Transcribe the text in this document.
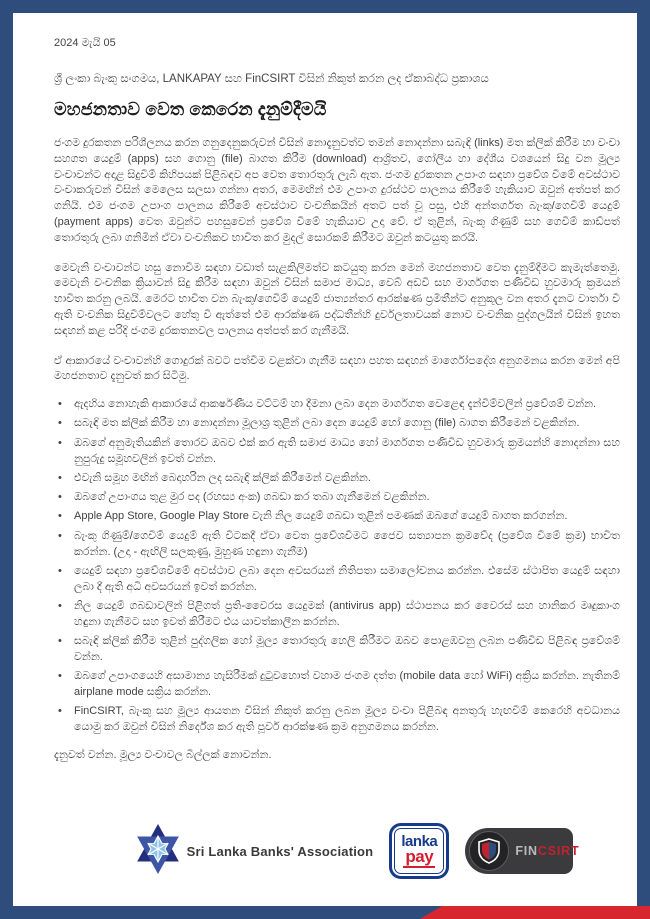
2024 මැයි 05
ශ්‍රී ලංකා බැංකු සංගමය, LANKAPAY සහ FinCSIRT විසින් නිකුත් කරන ලද ඒකාබද්ධ ප්‍රකාශය
මහජනතාව වෙත කෙරෙන දැනුම්දීමයි

ජංගම දුරකතන පරිශීලනය කරන ගනුදෙනුකරුවන් විසින් නොදැනුවත්ව තමන් නොදන්නා සබැඳි (links) මත ක්ලික් කිරීම හා වංචා සහගත යෙදුම් (apps) සහ ගොනු (file) බාගත කිරීම (download) ආශ්‍රිතව, ගෝලීය හා දේශීය වශයෙන් සිදු වන මූල්‍ය වංචාවන්ට අදාළ සිදුවීම් කිහිපයක් පිළිබඳව අප වෙත තොරතුරු ලැබී ඇත. ජංගම දුරකතන උපාංග සඳහා ප්‍රවේශ වීමේ අවස්ථාව වංචාකරුවන් විසින් මෙලෙස සලසා ගන්නා අතර, මෙමඟින් එම උපාංග දුරස්ථව පාලනය කිරීමේ හැකියාව ඔවුන් අත්පත් කර ගනියි. එම ජංගම උපාංග පාලනය කිරීමේ අවස්ථාව වංචනිකයින් අතට පත් වූ පසු, එහි අන්තර්ගත බැංකු/ගෙවීම් යෙදුම් (payment apps) වෙත ඔවුන්ට පහසුවෙන් ප්‍රවේශ වීමේ හැකියාව උදා වේ. ඒ තුළින්, බැංකු ගිණුම් සහ ගෙවීම් කාඩ්පත් තොරතුරු ලබා ගනිමින් ඒවා වංචනිකව භාවිත කර මුදල් සොරකම් කිරීමට ඔවුන් කටයුතු කරයි.

මෙවැනි වංචාවන්ට හසු නොවීම සඳහා වඩාත් සැළකිලිමත්ව කටයුතු කරන මෙන් මහජනතාව වෙත දැනුම්දීමට කැමැත්තෙමු. මෙවැනි වංචනික ක්‍රියාවන් සිදු කිරීම සඳහා ඔවුන් විසින් සමාජ මාධ්‍ය, වෙබ් අඩවි සහ මාර්ගගත පණිවිඩ හුවමාරු ක්‍රමයන් භාවිත කරනු ලබයි. මෙරට භාවිත වන බැංකු/ගෙවීම් යෙදුම් ජාත්‍යන්තර ආරක්ෂණ ප්‍රමිතීන්ට අනුකූල වන අතර දැනට වාර්තා වී ඇති වංචනික සිදුවීම්වලට හේතු වී ඇත්තේ එම ආරක්ෂණ පද්ධතීන්හි දුර්වලතාවයක් නොව වංචනික පුද්ගලයින් විසින් ඉහත සඳහන් කළ පරිදි ජංගම දුරකතනවල පාලනය අත්පත් කර ගැනීමයි.

ඒ ආකාරයේ වංචාවන්හි ගොදුරක් බවට පත්වීම වළක්වා ගැනීම සඳහා පහත සඳහන් මාර්ගෝපදේශ අනුගමනය කරන මෙන් අපි මහජනතාව දැනුවත් කර සිටිමු.

• ඇදහිය නොහැකි ආකාරයේ ආකර්ෂණීය වට්ටම් හා දීමනා ලබා දෙන මාර්ගගත වෙළෙඳ දැන්වීම්වලින් ප්‍රවේශම් වන්න.
• සබැඳි මත ක්ලික් කිරීම හා නොදන්නා මූලාශ්‍ර තුළින් ලබා දෙන යෙදුම් හෝ ගොනු (file) බාගත කිරීමෙන් වළකින්න.
• ඔබගේ අනුමැතියකින් තොරව ඔබව එක් කර ඇති සමාජ මාධ්‍ය හෝ මාර්ගගත පණිවිඩ හුවමාරු ක්‍රමයන්හි නොදන්නා සහ නුපුරුදු සමූහවලින් ඉවත් වන්න.
• එවැනි සමූහ මඟින් බෙදාහරින ලද සබැඳි ක්ලික් කිරීමෙන් වළකින්න.
• ඔබගේ උපාංගය තුළ මුර පද (රහස්‍ය අංක) ගබඩා කර තබා ගැනීමෙන් වළකින්න.
• Apple App Store, Google Play Store වැනි නිල යෙදුම් ගබඩා තුළින් පමණක් ඔබගේ යෙදුම් බාගත කරගන්න.
• බැංකු ගිණුම්/ගෙවීම් යෙදුම් ඇති විටකදී ඒවා වෙත ප්‍රවේශවීමට ජෛව සත්‍යාපන ක්‍රමවේද (ප්‍රවේශ වීමේ ක්‍රම) භාවිත කරන්න. (උදා - ඇඟිලි සලකුණු, මුහුණ හඳුනා ගැනීම)
• යෙදුම් සඳහා ප්‍රවේශවීමේ අවස්ථාව ලබා දෙන අවසරයන් නිතිපතා සමාලෝචනය කරන්න. එසේම ස්ථාපිත යෙදුම් සඳහා ලබා දී ඇති අධි අවසරයන් ඉවත් කරන්න.
• නිල යෙදුම් ගබඩාවලින් පිළිගත් ප්‍රති-වෛරස යෙදුමක් (antivirus app) ස්ථාපනය කර වෛරස් සහ හානිකර මෘදුකාංග හඳුනා ගැනීමට සහ ඉවත් කිරීමට එය යාවත්කාලීන කරන්න.
• සබැඳි ක්ලික් කිරීම තුළින් පුද්ගලික හෝ මූල්‍ය තොරතුරු හෙලි කිරීමට ඔබව පොළඹවනු ලබන පණිවිඩ පිළිබඳ ප්‍රවේශම් වන්න.
• ඔබගේ උපාංගයෙහි අසාමාන්‍ය හැසිරීමක් දුටුවහොත් වහාම ජංගම දත්ත (mobile data හෝ WiFi) අක්‍රිය කරන්න. නැතිනම් airplane mode සක්‍රිය කරන්න.
• FinCSIRT, බැංකු සහ මූල්‍ය ආයතන විසින් නිකුත් කරනු ලබන මූල්‍ය වංචා පිළිබඳ අනතුරු හැඟවීම් කෙරෙහි අවධානය යොමු කර ඔවුන් විසින් නිර්දේශ කර ඇති පූර්ව ආරක්ෂණ ක්‍රම අනුගමනය කරන්න.

දැනුවත් වන්න. මූල්‍ය වංචාවල බිල්ලක් නොවන්න.

Sri Lanka Banks' Association
lanka
pay	FINCSIRT
